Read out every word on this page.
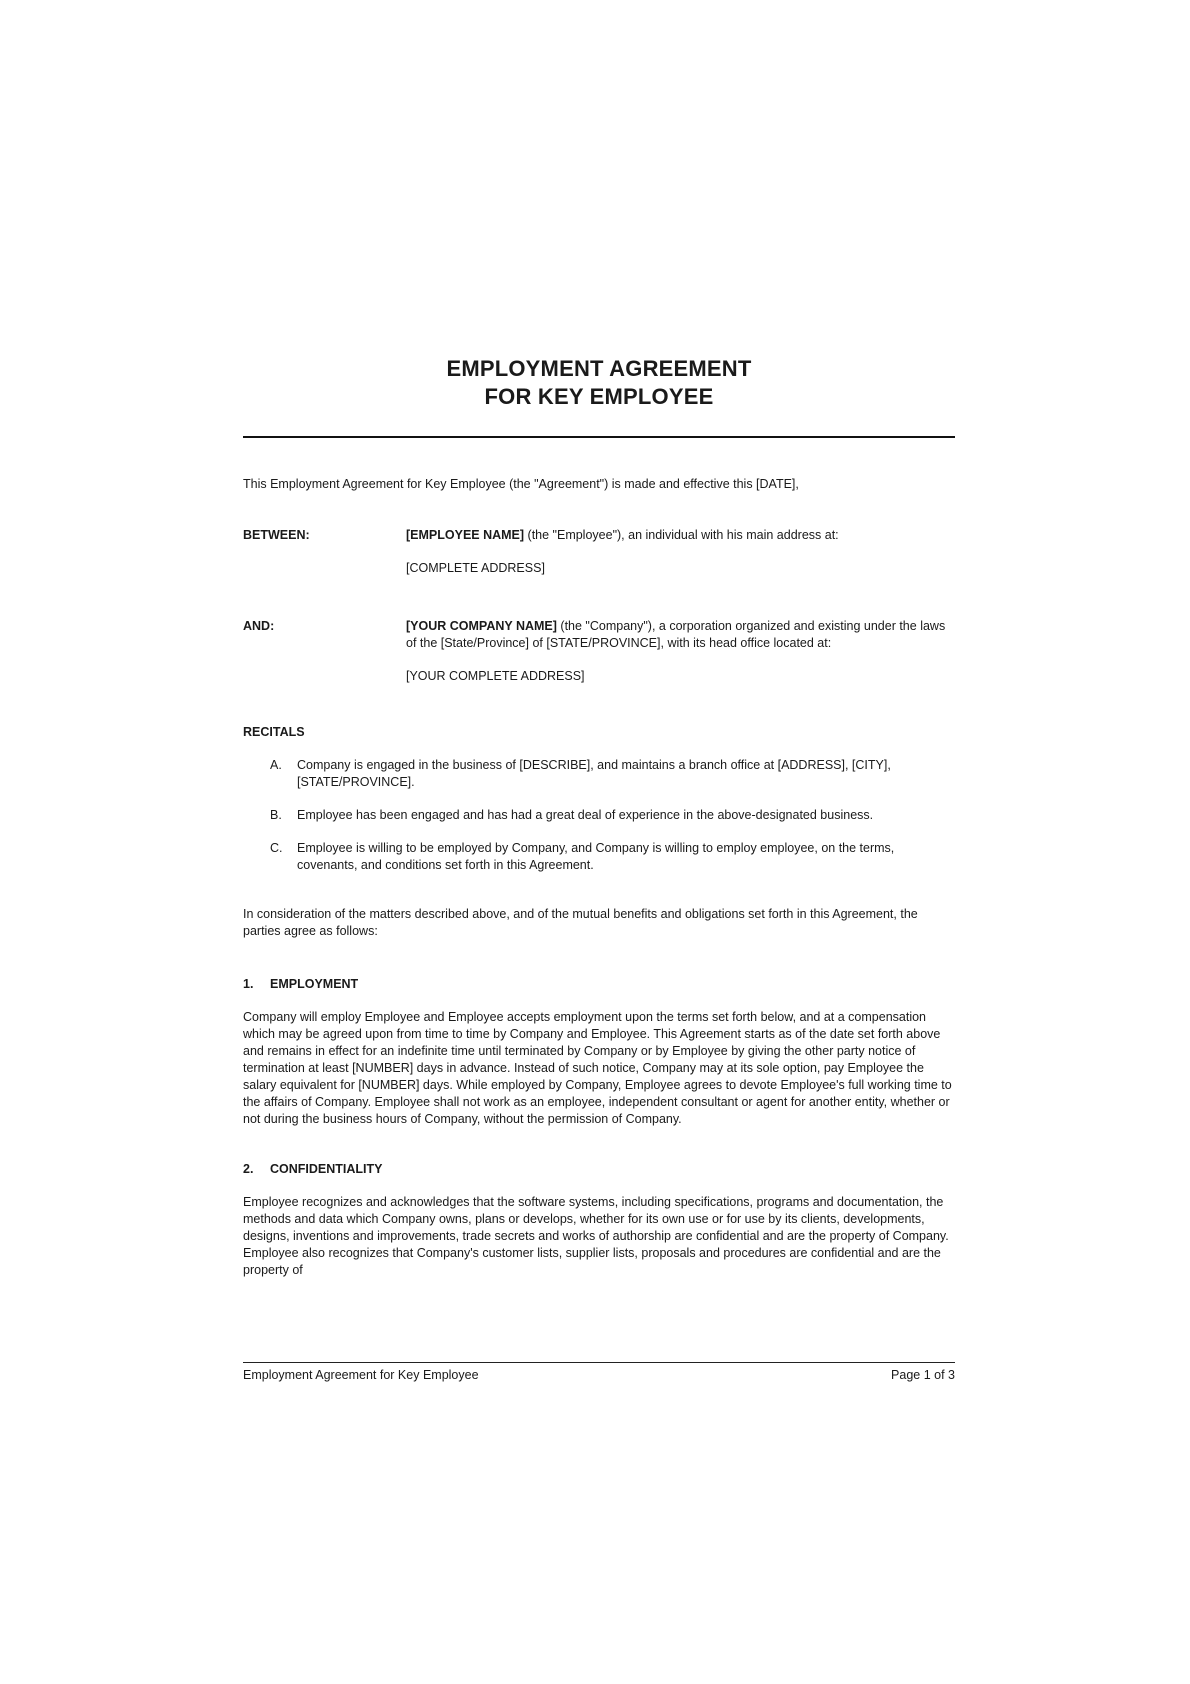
EMPLOYMENT AGREEMENT
FOR KEY EMPLOYEE

This Employment Agreement for Key Employee (the "Agreement") is made and effective this [DATE],

BETWEEN:	[EMPLOYEE NAME] (the "Employee"), an individual with his main address at:

[COMPLETE ADDRESS]

AND:	[YOUR COMPANY NAME] (the "Company"), a corporation organized and existing under the laws of the [State/Province] of [STATE/PROVINCE], with its head office located at:

[YOUR COMPLETE ADDRESS]

RECITALS
A.	Company is engaged in the business of [DESCRIBE], and maintains a branch office at [ADDRESS], [CITY], [STATE/PROVINCE].
B.	Employee has been engaged and has had a great deal of experience in the above-designated business.
C.	Employee is willing to be employed by Company, and Company is willing to employ employee, on the terms, covenants, and conditions set forth in this Agreement.

In consideration of the matters described above, and of the mutual benefits and obligations set forth in this Agreement, the parties agree as follows:

1. EMPLOYMENT

Company will employ Employee and Employee accepts employment upon the terms set forth below, and at a compensation which may be agreed upon from time to time by Company and Employee. This Agreement starts as of the date set forth above and remains in effect for an indefinite time until terminated by Company or by Employee by giving the other party notice of termination at least [NUMBER] days in advance. Instead of such notice, Company may at its sole option, pay Employee the salary equivalent for [NUMBER] days. While employed by Company, Employee agrees to devote Employee's full working time to the affairs of Company. Employee shall not work as an employee, independent consultant or agent for another entity, whether or not during the business hours of Company, without the permission of Company.

2. CONFIDENTIALITY

Employee recognizes and acknowledges that the software systems, including specifications, programs and documentation, the methods and data which Company owns, plans or develops, whether for its own use or for use by its clients, developments, designs, inventions and improvements, trade secrets and works of authorship are confidential and are the property of Company. Employee also recognizes that Company's customer lists, supplier lists, proposals and procedures are confidential and are the property of

Employment Agreement for Key Employee	Page 1 of 3
